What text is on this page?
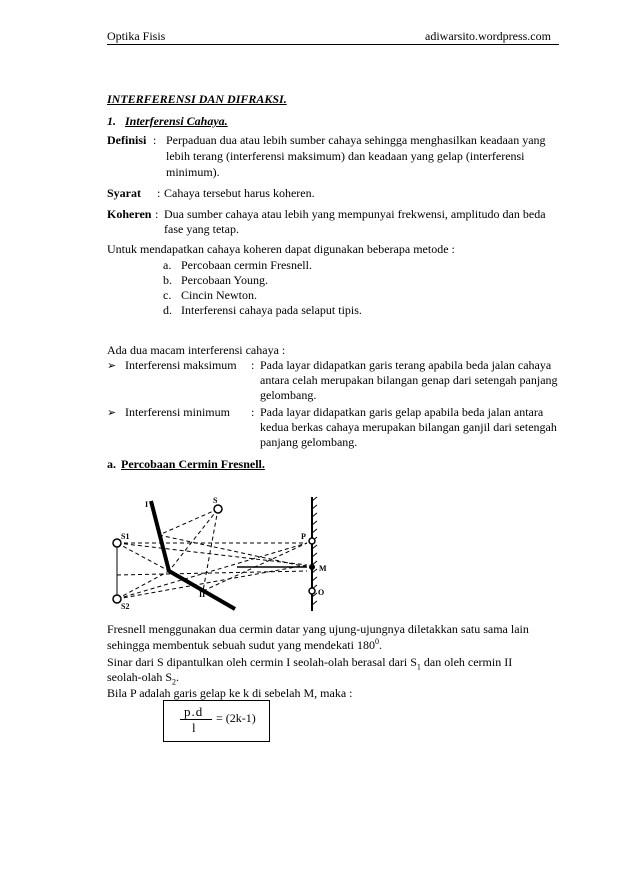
Optika Fisis	adiwarsito.wordpress.com
INTERFERENSI DAN DIFRAKSI.
1. Interferensi Cahaya.
Definisi : Perpaduan dua atau lebih sumber cahaya sehingga menghasilkan keadaan yang
lebih terang (interferensi maksimum) dan keadaan yang gelap (interferensi
minimum).
Syarat : Cahaya tersebut harus koheren.
Koheren : Dua sumber cahaya atau lebih yang mempunyai frekwensi, amplitudo dan beda
fase yang tetap.
Untuk mendapatkan cahaya koheren dapat digunakan beberapa metode :
a. Percobaan cermin Fresnell.
b. Percobaan Young.
c. Cincin Newton.
d. Interferensi cahaya pada selaput tipis.
Ada dua macam interferensi cahaya :
➢ Interferensi maksimum : Pada layar didapatkan garis terang apabila beda jalan cahaya
antara celah merupakan bilangan genap dari setengah panjang
gelombang.
➢ Interferensi minimum : Pada layar didapatkan garis gelap apabila beda jalan antara
kedua berkas cahaya merupakan bilangan ganjil dari setengah
panjang gelombang.
a. Percobaan Cermin Fresnell.
I
II
S
S1
S2
P
M
O
Fresnell menggunakan dua cermin datar yang ujung-ujungnya diletakkan satu sama lain
sehingga membentuk sebuah sudut yang mendekati $180^0$.
Sinar dari S dipantulkan oleh cermin I seolah-olah berasal dari $S_1$ dan oleh cermin II
seolah-olah $S_2$.
Bila P adalah garis gelap ke k di sebelah M, maka :
p.d
l
= (2k-1)
